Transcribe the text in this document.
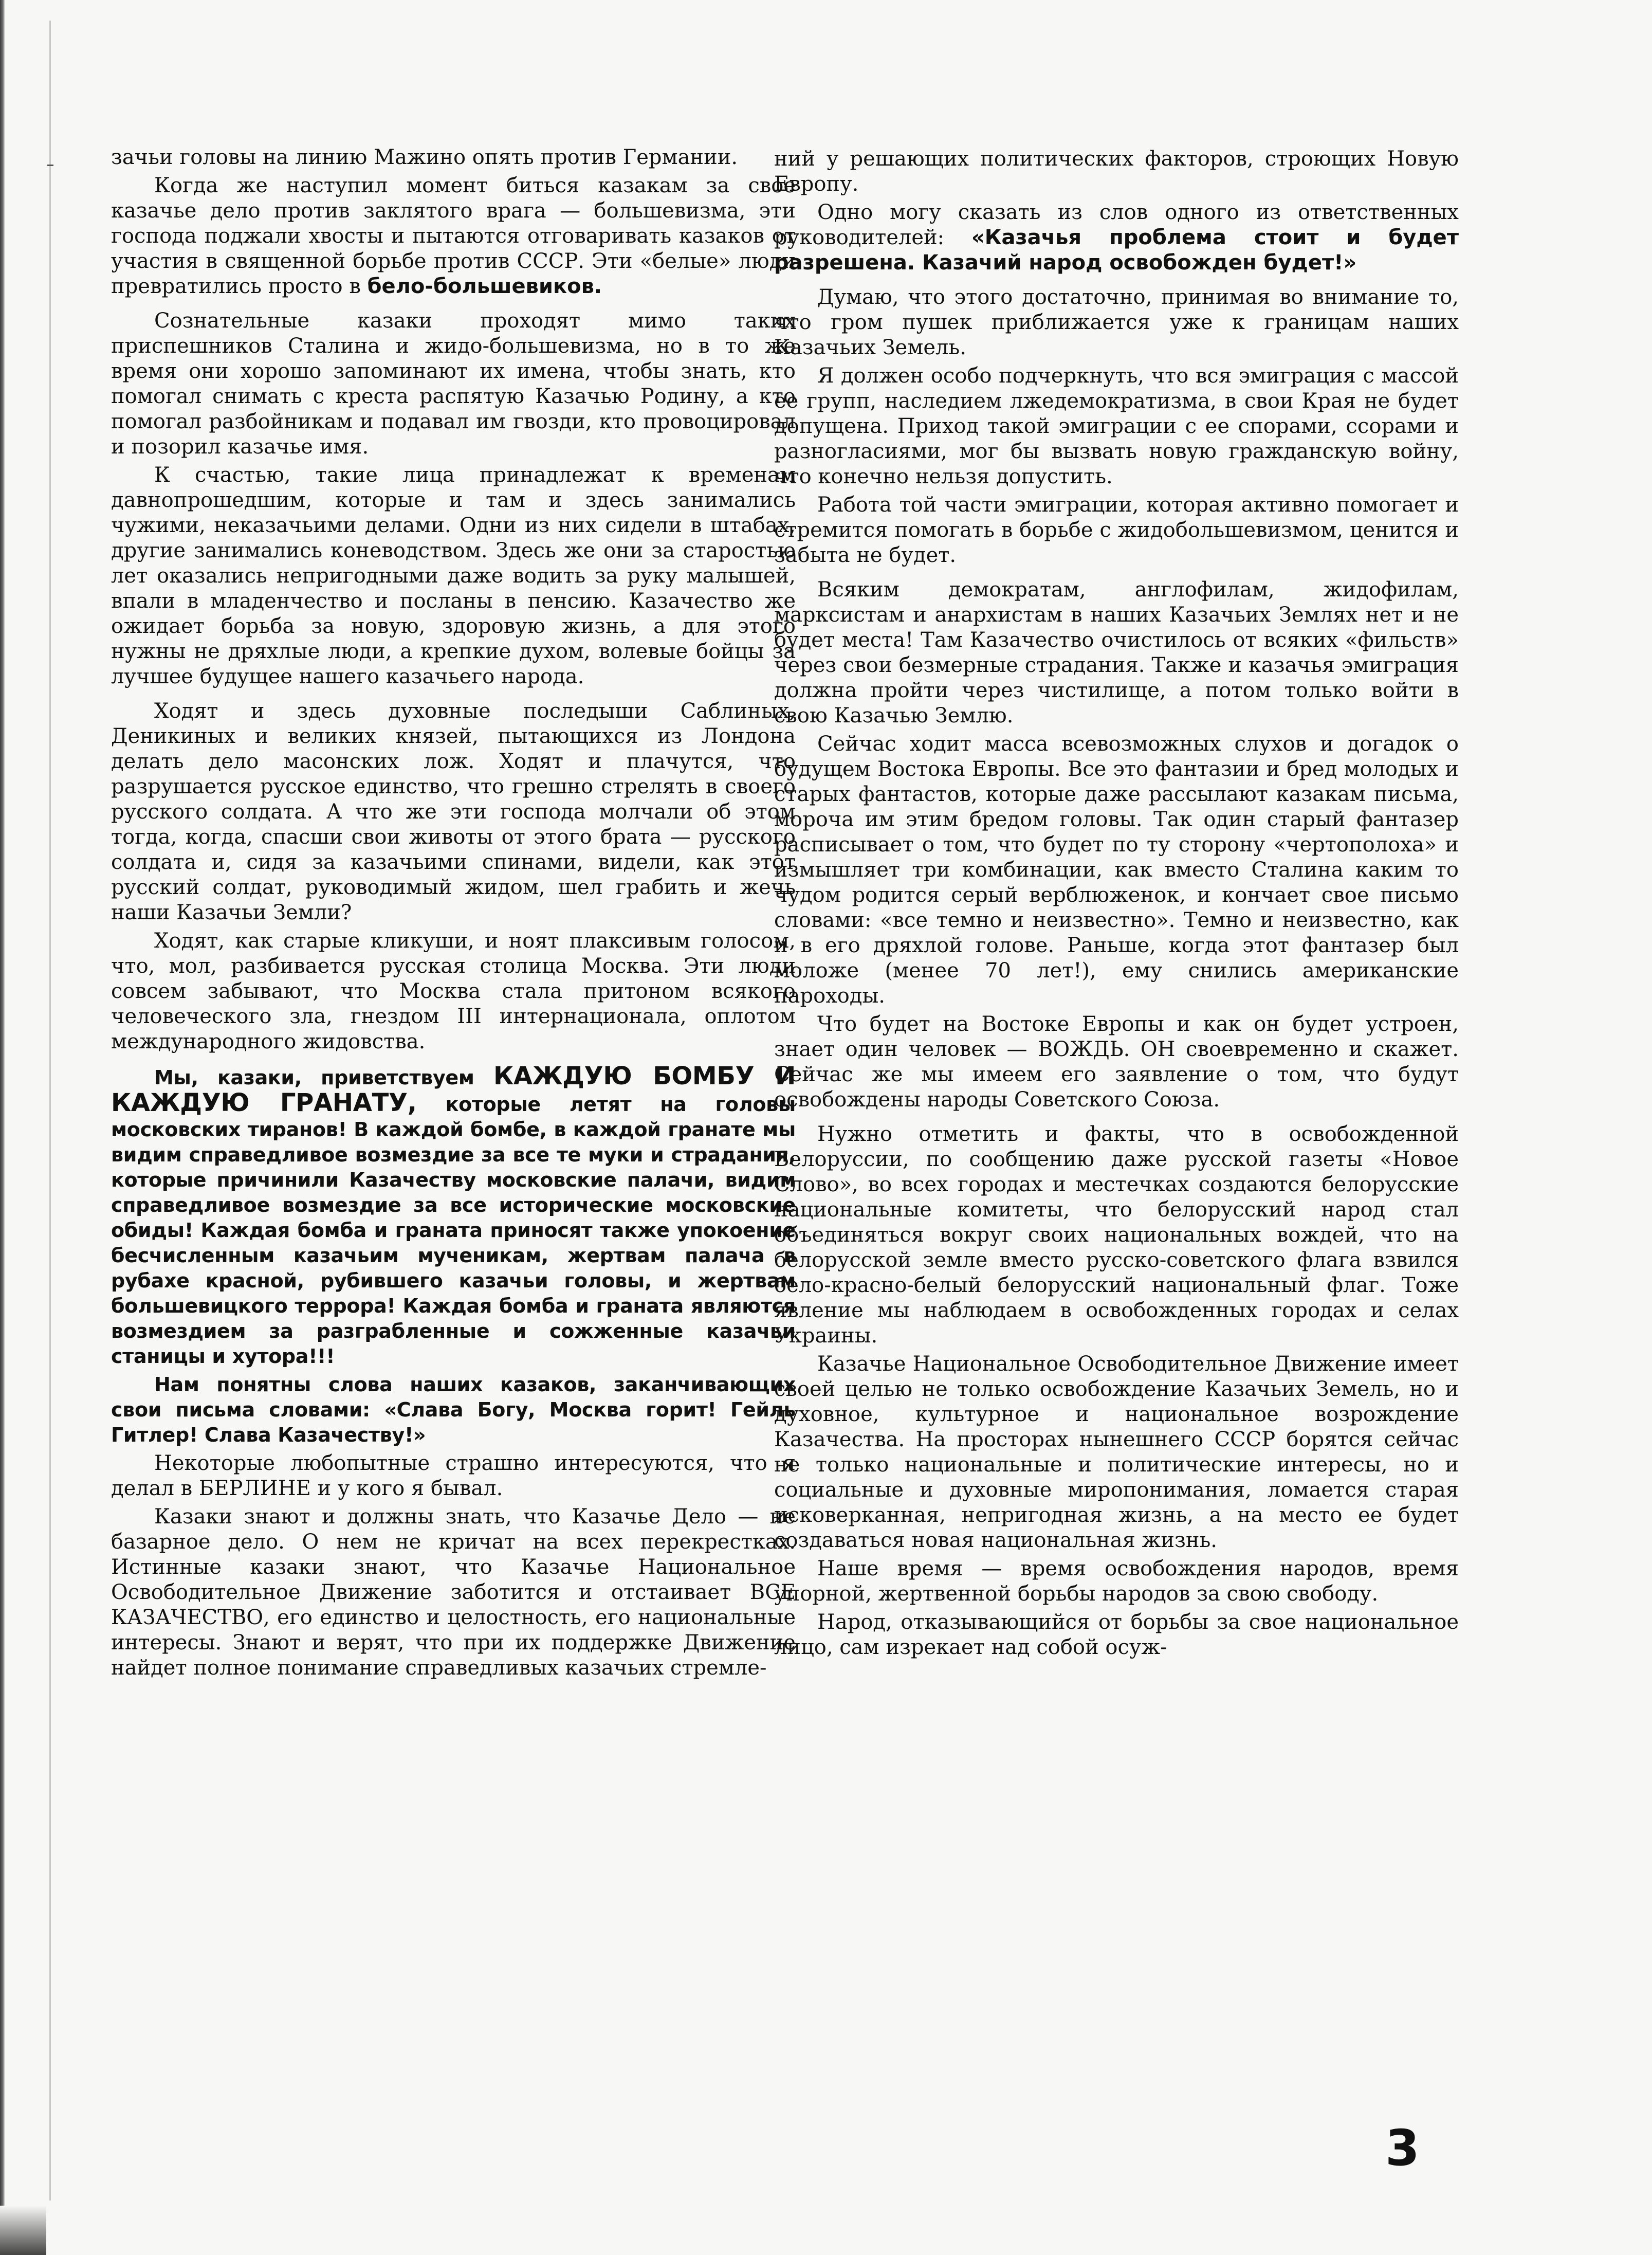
зачьи головы на линию Мажино опять против Германии.

Когда же наступил момент биться казакам за свое казачье дело против заклятого врага — большевизма, эти господа поджали хвосты и пытаются отговаривать казаков от участия в священной борьбе против СССР. Эти «белые» люди превратились просто в бело-большевиков.

Сознательные казаки проходят мимо таких приспешников Сталина и жидо-большевизма, но в то же время они хорошо запоминают их имена, чтобы знать, кто помогал снимать с креста распятую Казачью Родину, а кто помогал разбойникам и подавал им гвозди, кто провоцировал и позорил казачье имя.

К счастью, такие лица принадлежат к временам давнопрошедшим, которые и там и здесь занимались чужими, неказачьими делами. Одни из них сидели в штабах, другие занимались коневодством. Здесь же они за старостью лет оказались непригодными даже водить за руку малышей, впали в младенчество и посланы в пенсию. Казачество же ожидает борьба за новую, здоровую жизнь, а для этого нужны не дряхлые люди, а крепкие духом, волевые бойцы за лучшее будущее нашего казачьего народа.

Ходят и здесь духовные последыши Саблиных, Деникиных и великих князей, пытающихся из Лондона делать дело масонских лож. Ходят и плачутся, что разрушается русское единство, что грешно стрелять в своего русского солдата. А что же эти господа молчали об этом тогда, когда, спасши свои животы от этого брата — русского солдата и, сидя за казачьими спинами, видели, как этот русский солдат, руководимый жидом, шел грабить и жечь наши Казачьи Земли?

Ходят, как старые кликуши, и ноят плаксивым голосом, что, мол, разбивается русская столица Москва. Эти люди совсем забывают, что Москва стала притоном всякого человеческого зла, гнездом III интернационала, оплотом международного жидовства.

Мы, казаки, приветствуем КАЖДУЮ БОМБУ И КАЖДУЮ ГРАНАТУ, которые летят на головы московских тиранов! В каждой бомбе, в каждой гранате мы видим справедливое возмездие за все те муки и страдания, которые причинили Казачеству московские палачи, видим справедливое возмездие за все исторические московские обиды! Каждая бомба и граната приносят также упокоение бесчисленным казачьим мученикам, жертвам палача в рубахе красной, рубившего казачьи головы, и жертвам большевицкого террора! Каждая бомба и граната являются возмездием за разграбленные и сожженные казачьи станицы и хутора!!!

Нам понятны слова наших казаков, заканчивающих свои письма словами: «Слава Богу, Москва горит! Гейль Гитлер! Слава Казачеству!»

Некоторые любопытные страшно интересуются, что я делал в БЕРЛИНЕ и у кого я бывал.

Казаки знают и должны знать, что Казачье Дело — не базарное дело. О нем не кричат на всех перекрестках. Истинные казаки знают, что Казачье Национальное Освободительное Движение заботится и отстаивает ВСЕ КАЗАЧЕСТВО, его единство и целостность, его национальные интересы. Знают и верят, что при их поддержке Движение найдет полное понимание справедливых казачьих стремле-

ний у решающих политических факторов, строющих Новую Европу.

Одно могу сказать из слов одного из ответственных руководителей: «Казачья проблема стоит и будет разрешена. Казачий народ освобожден будет!»

Думаю, что этого достаточно, принимая во внимание то, что гром пушек приближается уже к границам наших Казачьих Земель.

Я должен особо подчеркнуть, что вся эмиграция с массой ее групп, наследием лжедемократизма, в свои Края не будет допущена. Приход такой эмиграции с ее спорами, ссорами и разногласиями, мог бы вызвать новую гражданскую войну, что конечно нельзя допустить.

Работа той части эмиграции, которая активно помогает и стремится помогать в борьбе с жидобольшевизмом, ценится и забыта не будет.

Всяким демократам, англофилам, жидофилам, марксистам и анархистам в наших Казачьих Землях нет и не будет места! Там Казачество очистилось от всяких «фильств» через свои безмерные страдания. Также и казачья эмиграция должна пройти через чистилище, а потом только войти в свою Казачью Землю.

Сейчас ходит масса всевозможных слухов и догадок о будущем Востока Европы. Все это фантазии и бред молодых и старых фантастов, которые даже рассылают казакам письма, мороча им этим бредом головы. Так один старый фантазер расписывает о том, что будет по ту сторону «чертополоха» и измышляет три комбинации, как вместо Сталина каким то чудом родится серый верблюженок, и кончает свое письмо словами: «все темно и неизвестно». Темно и неизвестно, как и в его дряхлой голове. Раньше, когда этот фантазер был моложе (менее 70 лет!), ему снились американские пароходы.

Что будет на Востоке Европы и как он будет устроен, знает один человек — ВОЖДЬ. ОН своевременно и скажет. Сейчас же мы имеем его заявление о том, что будут освобождены народы Советского Союза.

Нужно отметить и факты, что в освобожденной Белоруссии, по сообщению даже русской газеты «Новое Слово», во всех городах и местечках создаются белорусские национальные комитеты, что белорусский народ стал объединяться вокруг своих национальных вождей, что на белорусской земле вместо русско-советского флага взвился бело-красно-белый белорусский национальный флаг. Тоже явление мы наблюдаем в освобожденных городах и селах Украины.

Казачье Национальное Освободительное Движение имеет своей целью не только освобождение Казачьих Земель, но и духовное, культурное и национальное возрождение Казачества. На просторах нынешнего СССР борятся сейчас не только национальные и политические интересы, но и социальные и духовные миропонимания, ломается старая исковерканная, непригодная жизнь, а на место ее будет создаваться новая национальная жизнь.

Наше время — время освобождения народов, время упорной, жертвенной борьбы народов за свою свободу.

Народ, отказывающийся от борьбы за свое национальное лицо, сам изрекает над собой осуж-

3
